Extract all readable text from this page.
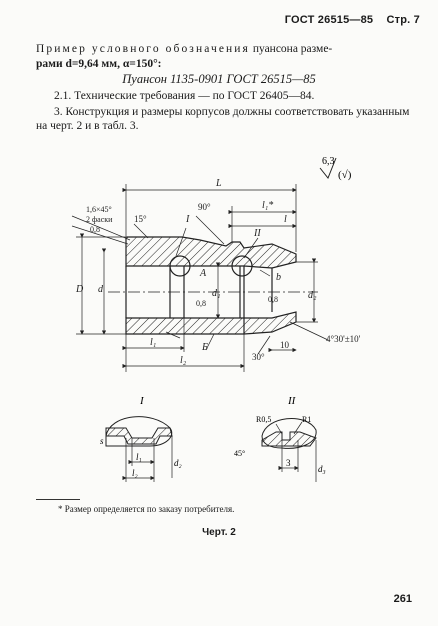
ГОСТ 26515—85 Стр. 7
Пример условного обозначения пуансона разме-
рами d=9,64 мм, α=150°:
Пуансон 1135-0901 ГОСТ 26515—85
2.1. Технические требования — по ГОСТ 26405—84.
3. Конструкция и размеры корпусов должны соответствовать указанным на черт. 2 и в табл. 3.
6,3
(√)
L
l₁*
l
1,6×45°
2 фаски
0,8
15°
90°
I
II
A
Б
b
D d	d₁	d₂
0,8	0,8
l₁
l₂	30°
10
4°30'±10'
I
s
l₁
l₂
d₂
II
R0,5	R1
45°
3
d₃
* Размер определяется по заказу потребителя.
Черт. 2
261
